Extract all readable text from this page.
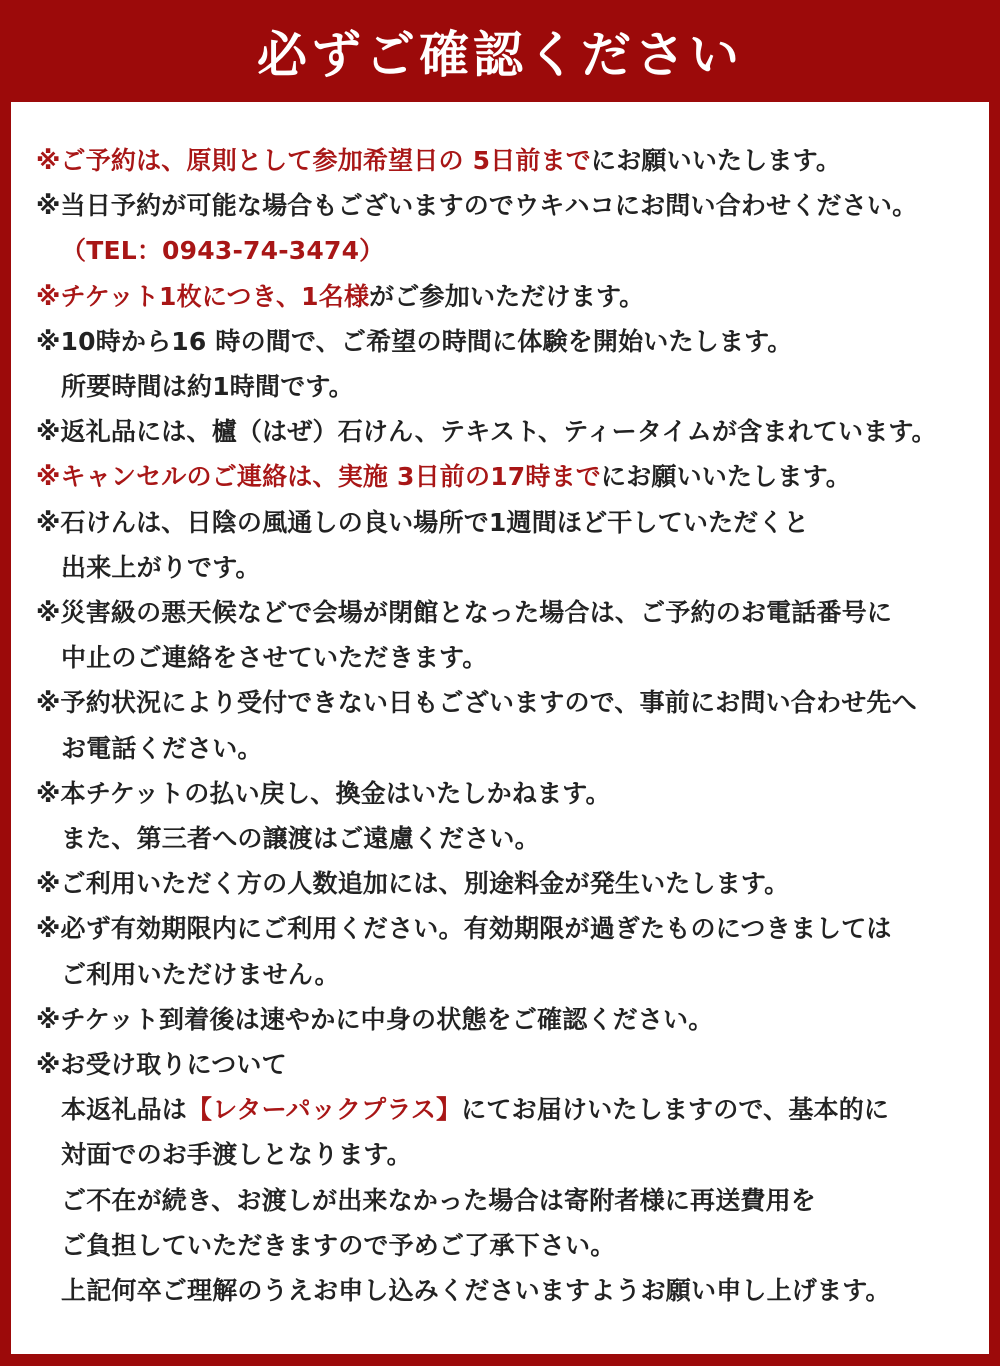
必ずご確認ください

※ご予約は、原則として参加希望日の 5日前までにお願いいたします。

※当日予約が可能な場合もございますのでウキハコにお問い合わせください。
（TEL：0943-74-3474）

※チケット1枚につき、1名様がご参加いただけます。

※10時から16 時の間で、ご希望の時間に体験を開始いたします。
所要時間は約1時間です。

※返礼品には、櫨（はぜ）石けん、テキスト、ティータイムが含まれています。

※キャンセルのご連絡は、実施 3日前の17時までにお願いいたします。

※石けんは、日陰の風通しの良い場所で1週間ほど干していただくと
出来上がりです。

※災害級の悪天候などで会場が閉館となった場合は、ご予約のお電話番号に
中止のご連絡をさせていただきます。

※予約状況により受付できない日もございますので、事前にお問い合わせ先へ
お電話ください。

※本チケットの払い戻し、換金はいたしかねます。
また、第三者への譲渡はご遠慮ください。

※ご利用いただく方の人数追加には、別途料金が発生いたします。

※必ず有効期限内にご利用ください。有効期限が過ぎたものにつきましては
ご利用いただけません。

※チケット到着後は速やかに中身の状態をご確認ください。

※お受け取りについて
本返礼品は【レターパックプラス】にてお届けいたしますので、基本的に
対面でのお手渡しとなります。
ご不在が続き、お渡しが出来なかった場合は寄附者様に再送費用を
ご負担していただきますので予めご了承下さい。
上記何卒ご理解のうえお申し込みくださいますようお願い申し上げます。
